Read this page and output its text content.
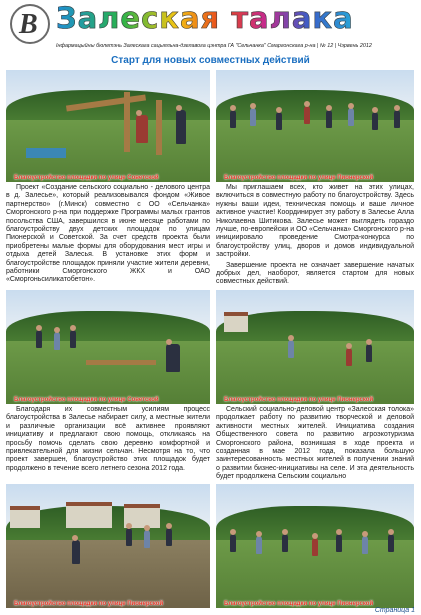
B Залеская талака
Інфармацыйны бюлетэнь Залескага сацыяльна-дзелавога цэнтра ГА "Сельчанка" Смаргонскага р-на | № 12 | Чэрвень 2012
Старт для новых совместных действий
Благоустройство площадки по улице Советской	Благоустройство площадки по улице Пионерской

Проект «Создание сельского социально - делового центра в д. Залесье», который реализовывался фондом «Живое партнерство» (г.Минск) совместно с ОО «Сельчанка» Сморгонского р-на при поддержке Программы малых грантов посольства США, завершился в июне месяце работами по благоустройству двух детских площадок по улицам Пионерской и Советской. За счет средств проекта были приобретены малые формы для оборудования мест игры и отдыха детей Залесья. В установке этих форм и благоустройстве площадок приняли участие жители деревни, работники Сморгонского ЖКХ и ОАО «Сморгоньсиликатобетон».

Мы приглашаем всех, кто живет на этих улицах, включиться в совместную работу по благоустройству. Здесь нужны ваши идеи, техническая помощь и ваше личное активное участие! Координирует эту работу в Залесье Алла Николаевна Шитикова. Залесье может выглядеть гораздо лучше, по-европейски и ОО «Сельчанка» Сморгонского р-на инициировало проведение Смотра-конкурса по благоустройству улиц, дворов и домов индивидуальной застройки.

Завершение проекта не означает завершение начатых добрых дел, наоборот, является стартом для новых совместных действий.

Благоустройство площадки по улице Советской	Благоустройство площадки по улице Пионерской

Благодаря их совместным усилиям процесс благоустройства в Залесье набирает силу, а местные жители и различные организации всё активнее проявляют инициативу и предлагают свою помощь, откликаясь на просьбу помочь сделать свою деревню комфортной и привлекательной для жизни сельчан. Несмотря на то, что проект завершен, благоустройство этих площадок будет продолжено в течение всего летнего сезона 2012 года.

Сельский социально-деловой центр «Залесская толока» продолжает работу по развитию творческой и деловой активности местных жителей. Инициатива создания Общественного совета по развитию агроэкотуризма Сморгонского района, возникшая в ходе проекта и созданная в мае 2012 года, показала большую заинтересованность местных жителей в получении знаний о развитии бизнес-инициативы на селе. И эта деятельность будет продолжена Сельским социально

Благоустройство площадки по улице Пионерской	Благоустройство площадки по улице Пионерской
Страница 1
